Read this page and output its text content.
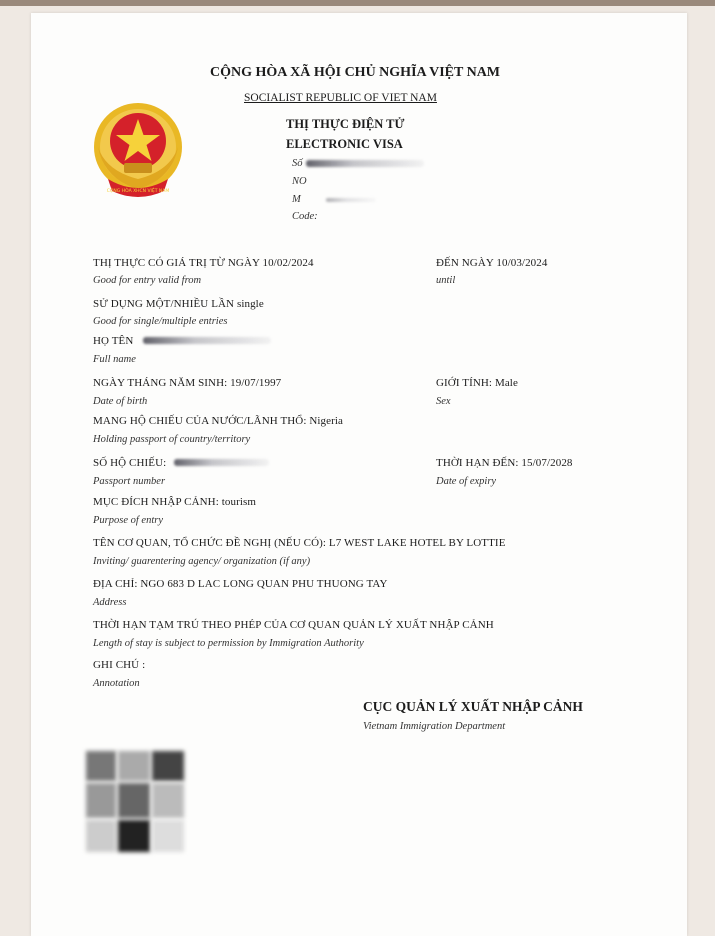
CỘNG HÒA XHCN VIỆT NAM
CỘNG HÒA XÃ HỘI CHỦ NGHĨA VIỆT NAM
SOCIALIST REPUBLIC OF VIET NAM
THỊ THỰC ĐIỆN TỬ
ELECTRONIC VISA
Số
NO
M
Code:
THỊ THỰC CÓ GIÁ TRỊ TỪ NGÀY 10/02/2024
Good for entry valid from
ĐẾN NGÀY 10/03/2024
until
SỬ DỤNG MỘT/NHIỀU LẦN single
Good for single/multiple entries
HỌ TÊN
Full name
NGÀY THÁNG NĂM SINH: 19/07/1997
Date of birth
GIỚI TÍNH: Male
Sex
MANG HỘ CHIẾU CỦA NƯỚC/LÃNH THỔ: Nigeria
Holding passport of country/territory
SỐ HỘ CHIẾU:
Passport number
THỜI HẠN ĐẾN: 15/07/2028
Date of expiry
MỤC ĐÍCH NHẬP CẢNH: tourism
Purpose of entry
TÊN CƠ QUAN, TỔ CHỨC ĐỀ NGHỊ (NẾU CÓ): L7 WEST LAKE HOTEL BY LOTTIE
Inviting/ guarentering agency/ organization (if any)
ĐỊA CHỈ: NGO 683 D LAC LONG QUAN PHU THUONG TAY
Address
THỜI HẠN TẠM TRÚ THEO PHÉP CỦA CƠ QUAN QUẢN LÝ XUẤT NHẬP CẢNH
Length of stay is subject to permission by Immigration Authority
GHI CHÚ :
Annotation
CỤC QUẢN LÝ XUẤT NHẬP CẢNH
Vietnam Immigration Department
